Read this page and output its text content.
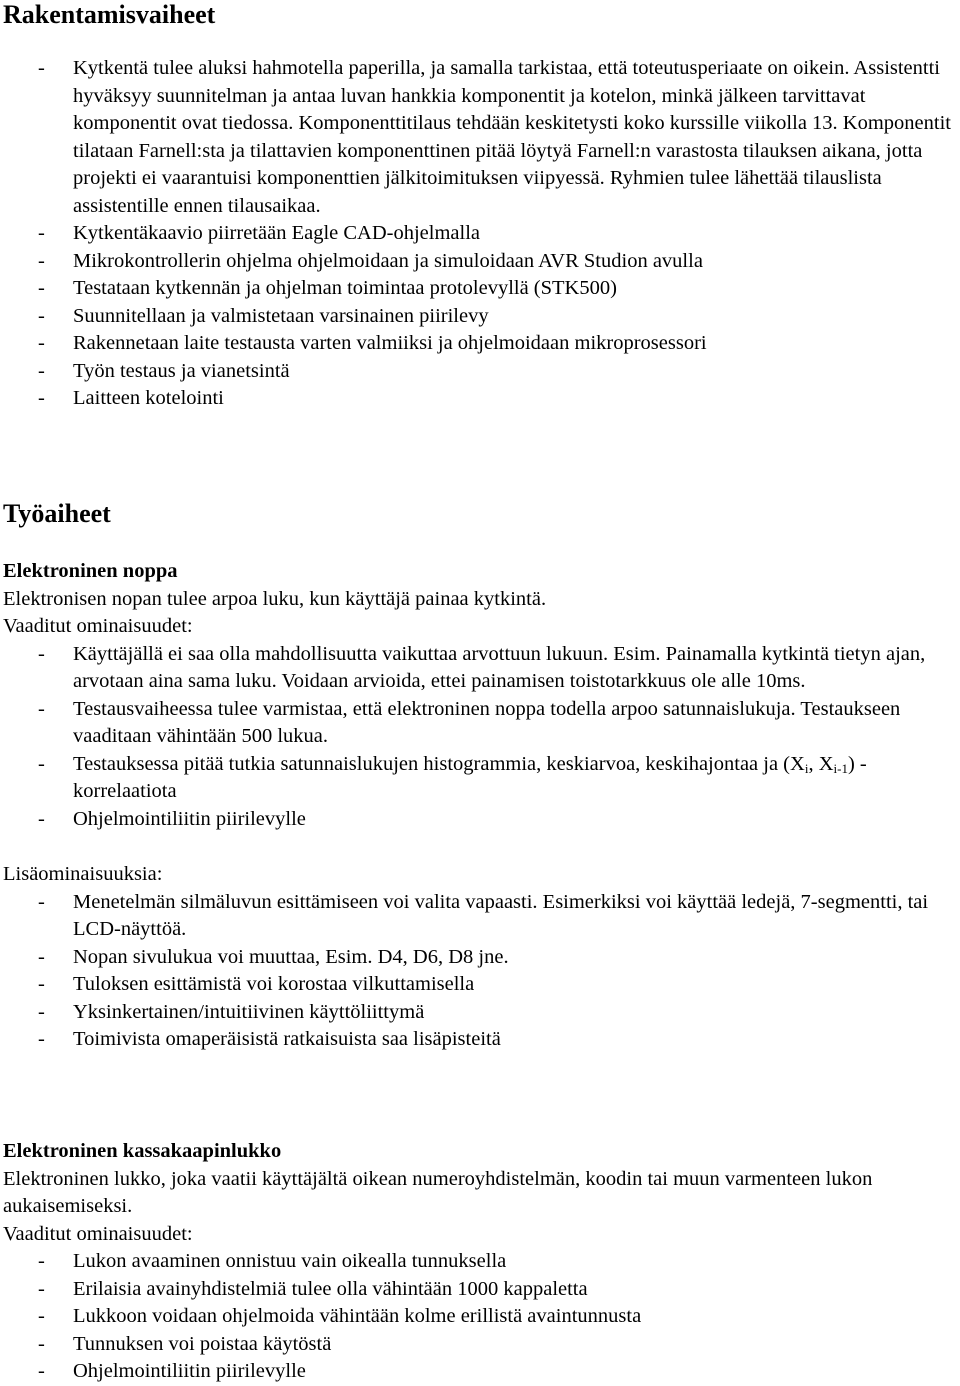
Rakentamisvaiheet
- Kytkentä tulee aluksi hahmotella paperilla, ja samalla tarkistaa, että toteutusperiaate on oikein. Assistentti hyväksyy suunnitelman ja antaa luvan hankkia komponentit ja kotelon, minkä jälkeen tarvittavat komponentit ovat tiedossa. Komponenttitilaus tehdään keskitetysti koko kurssille viikolla 13. Komponentit tilataan Farnell:sta ja tilattavien komponenttinen pitää löytyä Farnell:n varastosta tilauksen aikana, jotta projekti ei vaarantuisi komponenttien jälkitoimituksen viipyessä. Ryhmien tulee lähettää tilauslista assistentille ennen tilausaikaa.
- Kytkentäkaavio piirretään Eagle CAD-ohjelmalla
- Mikrokontrollerin ohjelma ohjelmoidaan ja simuloidaan AVR Studion avulla
- Testataan kytkennän ja ohjelman toimintaa protolevyllä (STK500)
- Suunnitellaan ja valmistetaan varsinainen piirilevy
- Rakennetaan laite testausta varten valmiiksi ja ohjelmoidaan mikroprosessori
- Työn testaus ja vianetsintä
- Laitteen kotelointi
Työaiheet
Elektroninen noppa

Elektronisen nopan tulee arpoa luku, kun käyttäjä painaa kytkintä.

Vaaditut ominaisuudet:

- Käyttäjällä ei saa olla mahdollisuutta vaikuttaa arvottuun lukuun. Esim. Painamalla kytkintä tietyn ajan, arvotaan aina sama luku. Voidaan arvioida, ettei painamisen toistotarkkuus ole alle 10ms.
- Testausvaiheessa tulee varmistaa, että elektroninen noppa todella arpoo satunnaislukuja. Testaukseen vaaditaan vähintään 500 lukua.
- Testauksessa pitää tutkia satunnaislukujen histogrammia, keskiarvoa, keskihajontaa ja ($X_i$, $X_{i-1}$) -korrelaatiota
- Ohjelmointiliitin piirilevylle

Lisäominaisuuksia:

- Menetelmän silmäluvun esittämiseen voi valita vapaasti. Esimerkiksi voi käyttää ledejä, 7-segmentti, tai LCD-näyttöä.
- Nopan sivulukua voi muuttaa, Esim. D4, D6, D8 jne.
- Tuloksen esittämistä voi korostaa vilkuttamisella
- Yksinkertainen/intuitiivinen käyttöliittymä
- Toimivista omaperäisistä ratkaisuista saa lisäpisteitä
Elektroninen kassakaapinlukko

Elektroninen lukko, joka vaatii käyttäjältä oikean numeroyhdistelmän, koodin tai muun varmenteen lukon aukaisemiseksi.

Vaaditut ominaisuudet:

- Lukon avaaminen onnistuu vain oikealla tunnuksella
- Erilaisia avainyhdistelmiä tulee olla vähintään 1000 kappaletta
- Lukkoon voidaan ohjelmoida vähintään kolme erillistä avaintunnusta
- Tunnuksen voi poistaa käytöstä
- Ohjelmointiliitin piirilevylle
